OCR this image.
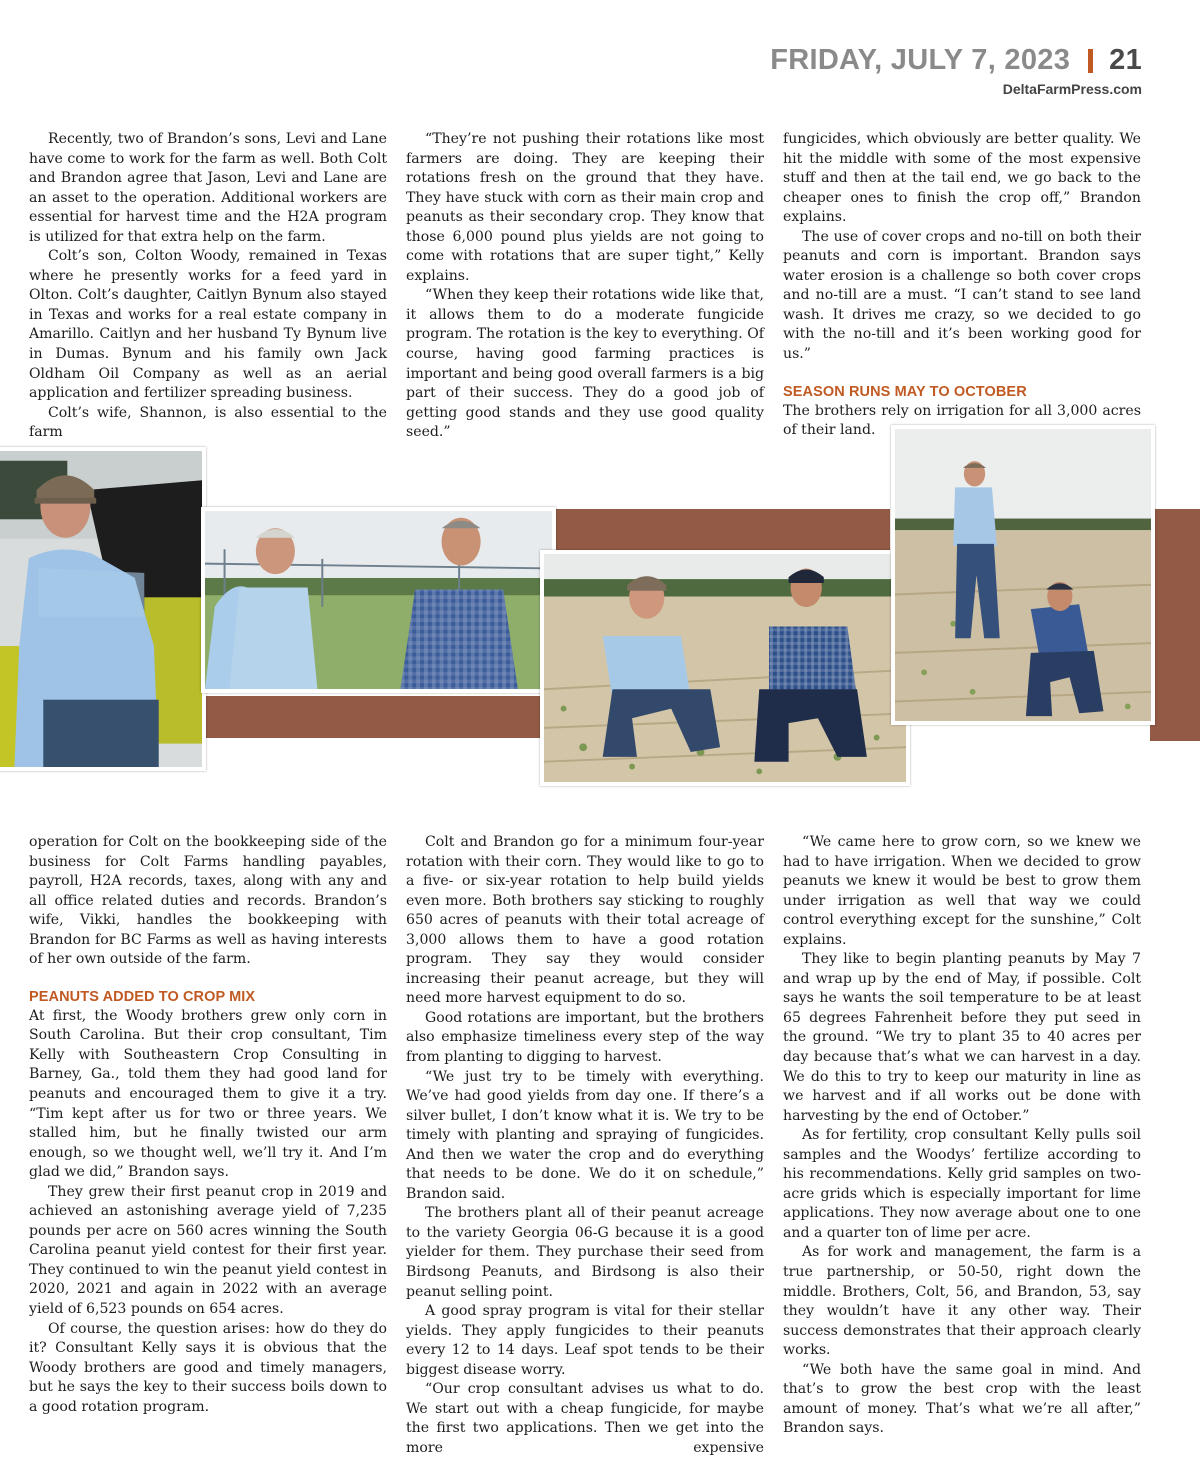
FRIDAY, JULY 7, 2023 21
DeltaFarmPress.com

Recently, two of Brandon’s sons, Levi and Lane have come to work for the farm as well. Both Colt and Brandon agree that Jason, Levi and Lane are an asset to the operation. Additional workers are essential for harvest time and the H2A program is utilized for that extra help on the farm.

Colt’s son, Colton Woody, remained in Texas where he presently works for a feed yard in Olton. Colt’s daughter, Caitlyn Bynum also stayed in Texas and works for a real estate company in Amarillo. Caitlyn and her husband Ty Bynum live in Dumas. Bynum and his family own Jack Oldham Oil Company as well as an aerial application and fertilizer spreading business.

Colt’s wife, Shannon, is also essential to the farm

“They’re not pushing their rotations like most farmers are doing. They are keeping their rotations fresh on the ground that they have. They have stuck with corn as their main crop and peanuts as their secondary crop. They know that those 6,000 pound plus yields are not going to come with rotations that are super tight,” Kelly explains.

“When they keep their rotations wide like that, it allows them to do a moderate fungicide program. The rotation is the key to everything. Of course, having good farming practices is important and being good overall farmers is a big part of their success. They do a good job of getting good stands and they use good quality seed.”

fungicides, which obviously are better quality. We hit the middle with some of the most expensive stuff and then at the tail end, we go back to the cheaper ones to finish the crop off,” Brandon explains.

The use of cover crops and no-till on both their peanuts and corn is important. Brandon says water erosion is a challenge so both cover crops and no-till are a must. “I can’t stand to see land wash. It drives me crazy, so we decided to go with the no-till and it’s been working good for us.”

SEASON RUNS MAY TO OCTOBER

The brothers rely on irrigation for all 3,000 acres of their land.

operation for Colt on the bookkeeping side of the business for Colt Farms handling payables, payroll, H2A records, taxes, along with any and all office related duties and records. Brandon’s wife, Vikki, handles the bookkeeping with Brandon for BC Farms as well as having interests of her own outside of the farm.

PEANUTS ADDED TO CROP MIX

At first, the Woody brothers grew only corn in South Carolina. But their crop consultant, Tim Kelly with Southeastern Crop Consulting in Barney, Ga., told them they had good land for peanuts and encouraged them to give it a try. “Tim kept after us for two or three years. We stalled him, but he finally twisted our arm enough, so we thought well, we’ll try it. And I’m glad we did,” Brandon says.

They grew their first peanut crop in 2019 and achieved an astonishing average yield of 7,235 pounds per acre on 560 acres winning the South Carolina peanut yield contest for their first year. They continued to win the peanut yield contest in 2020, 2021 and again in 2022 with an average yield of 6,523 pounds on 654 acres.

Of course, the question arises: how do they do it? Consultant Kelly says it is obvious that the Woody brothers are good and timely managers, but he says the key to their success boils down to a good rotation program.

Colt and Brandon go for a minimum four-year rotation with their corn. They would like to go to a five- or six-year rotation to help build yields even more. Both brothers say sticking to roughly 650 acres of peanuts with their total acreage of 3,000 allows them to have a good rotation program. They say they would consider increasing their peanut acreage, but they will need more harvest equipment to do so.

Good rotations are important, but the brothers also emphasize timeliness every step of the way from planting to digging to harvest.

“We just try to be timely with everything. We’ve had good yields from day one. If there’s a silver bullet, I don’t know what it is. We try to be timely with planting and spraying of fungicides. And then we water the crop and do everything that needs to be done. We do it on schedule,” Brandon said.

The brothers plant all of their peanut acreage to the variety Georgia 06-G because it is a good yielder for them. They purchase their seed from Birdsong Peanuts, and Birdsong is also their peanut selling point.

A good spray program is vital for their stellar yields. They apply fungicides to their peanuts every 12 to 14 days. Leaf spot tends to be their biggest disease worry.

“Our crop consultant advises us what to do. We start out with a cheap fungicide, for maybe the first two applications. Then we get into the more expensive

“We came here to grow corn, so we knew we had to have irrigation. When we decided to grow peanuts we knew it would be best to grow them under irrigation as well that way we could control everything except for the sunshine,” Colt explains.

They like to begin planting peanuts by May 7 and wrap up by the end of May, if possible. Colt says he wants the soil temperature to be at least 65 degrees Fahrenheit before they put seed in the ground. “We try to plant 35 to 40 acres per day because that’s what we can harvest in a day. We do this to try to keep our maturity in line as we harvest and if all works out be done with harvesting by the end of October.”

As for fertility, crop consultant Kelly pulls soil samples and the Woodys’ fertilize according to his recommendations. Kelly grid samples on two-acre grids which is especially important for lime applications. They now average about one to one and a quarter ton of lime per acre.

As for work and management, the farm is a true partnership, or 50-50, right down the middle. Brothers, Colt, 56, and Brandon, 53, say they wouldn’t have it any other way. Their success demonstrates that their approach clearly works.

“We both have the same goal in mind. And that’s to grow the best crop with the least amount of money. That’s what we’re all after,” Brandon says.
